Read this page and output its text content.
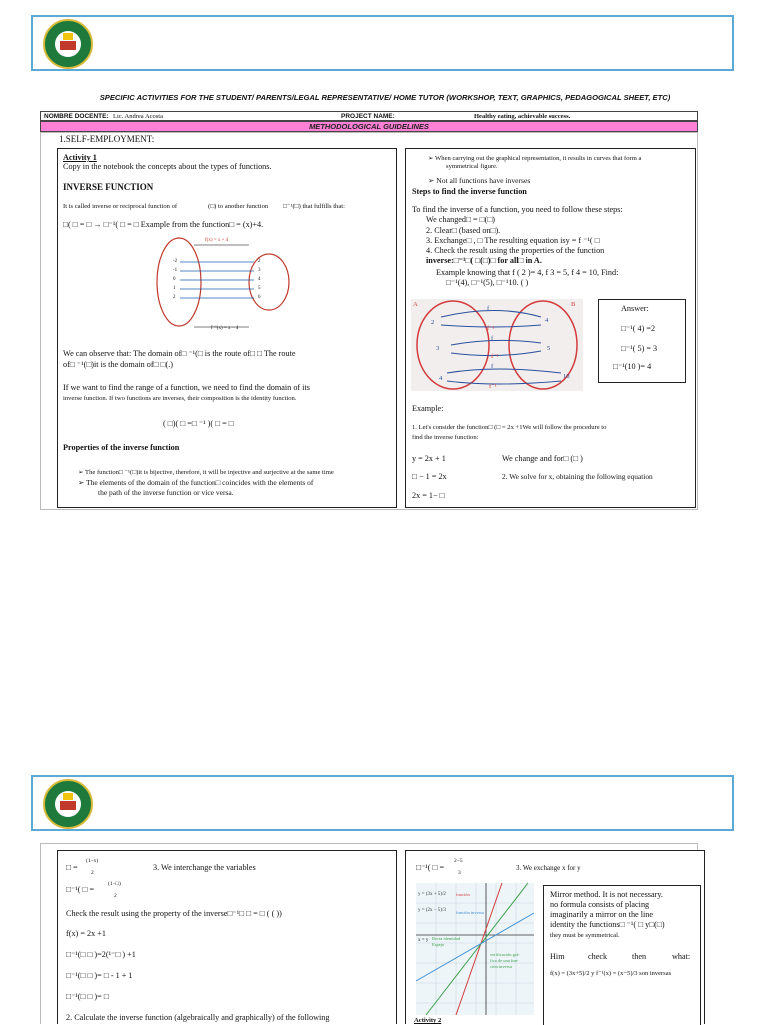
SPECIFIC ACTIVITIES FOR THE STUDENT/ PARENTS/LEGAL REPRESENTATIVE/ HOME TUTOR (WORKSHOP, TEXT, GRAPHICS, PEDAGOGICAL SHEET, ETC)
NOMBRE DOCENTE: Lic. Andrea Acosta	PROJECT NAME:	Healthy eating, achievable success.
METHODOLOGICAL GUIDELINES
1.SELF-EMPLOYMENT:
Activity 1
Copy in the notebook the concepts about the types of functions.
INVERSE FUNCTION
It is called inverse or reciprocal function of	(□) to another function □⁻¹(□) that fulfills that:
□( □ = □ → □⁻¹( □ = □ Example from the function□ = (x)+4.
f(x) = x + 4
f⁻¹(x) = x − 4
-2
-1
0
1
2
2
3
4
5
6
We can observe that: The domain of□ ⁻¹(□ is the route of□ □ The route
of□ ⁻¹(□)it is the domain of□ □(.)
If we want to find the range of a function, we need to find the domain of its
inverse function. If two functions are inverses, their composition is the identity function.
( □)( □ =□ ⁻¹ )( □ = □
Properties of the inverse function
➢ The function□ ⁻¹(□)it is bijective, therefore, it will be injective and surjective at the same time
➢ The elements of the domain of the function□ coincides with the elements of
the path of the inverse function or vice versa.
➢ When carrying out the graphical representation, it results in curves that form a
symmetrical figure.
➢ Not all functions have inverses
Steps to find the inverse function
To find the inverse of a function, you need to follow these steps:
We changed□ = □(□)
2. Clear□ (based on□).
3. Exchange□ , □ The resulting equation isy = f ⁻¹( □
4. Check the result using the properties of the function
inverse:□⁻¹□( □(□)□ for all□ in A.
Example knowing that f ( 2 )= 4, f 3 = 5, f 4 = 10, Find:
□⁻¹(4), □⁻¹(5), □⁻¹10. ( )
A	B
2
3
4
4
5
10
f
f
f
f⁻¹
f⁻¹
f⁻¹
Answer:
□⁻¹( 4) =2
□⁻¹( 5) = 3
□⁻¹(10 )= 4
Example:
1. Let's consider the function□ (□ = 2x +1We will follow the procedure to
find the inverse function:
y = 2x + 1	We change and for□ (□ )
□ − 1 = 2x	2. We solve for x, obtaining the following equation
2x = 1− □
□ =
(1−x)
2
3. We interchange the variables
□⁻¹( □ =
(1−□)
2
Check the result using the property of the inverse□⁻¹□ □ = □ ( ( ))
f(x) = 2x +1
□⁻¹(□ □ )=2(¹⁻□ ) +1
□⁻¹(□ □ )= □ - 1 + 1
□⁻¹(□ □ )= □
2. Calculate the inverse function (algebraically and graphically) of the following
□⁻¹( □ =
2−5
3
3. We exchange x for y
y = (3x + 5)/2
y = (2x − 5)/3
función
función inversa
Recta identidad
Espejo
verificación grá-
fica de una fun-
ción inversa
x = y
Activity 2
Mirror method. It is not necessary.
no formula consists of placing
imaginarily a mirror on the line
identity the functions□ ⁻¹( □ y□(□)
they must be symmetrical.
Him	check	then	what:
f(x) = (3x+5)/2 y f⁻¹(x) = (x−5)/3 son inversas
